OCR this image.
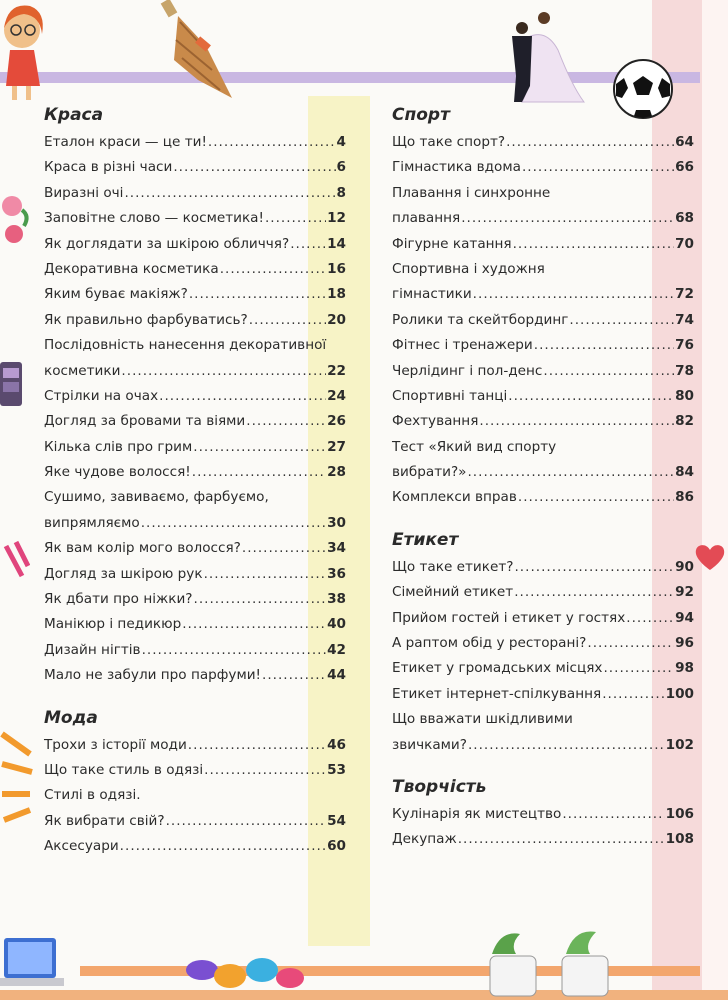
Краса
Еталон краси — це ти! .....	4
Краса в різні часи .....	6
Виразні очі .....	8
Заповітне слово — косметика! .....	12
Як доглядати за шкірою обличчя? .....	14
Декоративна косметика .....	16
Яким буває макіяж? .....	18
Як правильно фарбуватись? .....	20
Послідовність нанесення декоративної
косметики .....	22
Стрілки на очах .....	24
Догляд за бровами та віями .....	26
Кілька слів про грим .....	27
Яке чудове волосся! .....	28
Сушимо, завиваємо, фарбуємо,
випрямляємо .....	30
Як вам колір мого волосся? .....	34
Догляд за шкірою рук .....	36
Як дбати про ніжки? .....	38
Манікюр і педикюр .....	40
Дизайн нігтів .....	42
Мало не забули про парфуми! .....	44
Мода
Трохи з історії моди .....	46
Що таке стиль в одязі .....	53
Стилі в одязі.
Як вибрати свій? .....	54
Аксесуари .....	60
Спорт
Що таке спорт? .....	64
Гімнастика вдома .....	66
Плавання і синхронне
плавання .....	68
Фігурне катання .....	70
Спортивна і художня
гімнастики .....	72
Ролики та скейтбординг .....	74
Фітнес і тренажери .....	76
Черлідинг і пол-денс .....	78
Спортивні танці .....	80
Фехтування .....	82
Тест «Який вид спорту
вибрати?» .....	84
Комплекси вправ .....	86
Етикет
Що таке етикет? .....	90
Сімейний етикет .....	92
Прийом гостей і етикет у гостях .....	94
А раптом обід у ресторані? .....	96
Етикет у громадських місцях .....	98
Етикет інтернет-спілкування .....	100
Що вважати шкідливими
звичками? .....	102
Творчість
Кулінарія як мистецтво .....	106
Декупаж .....	108
